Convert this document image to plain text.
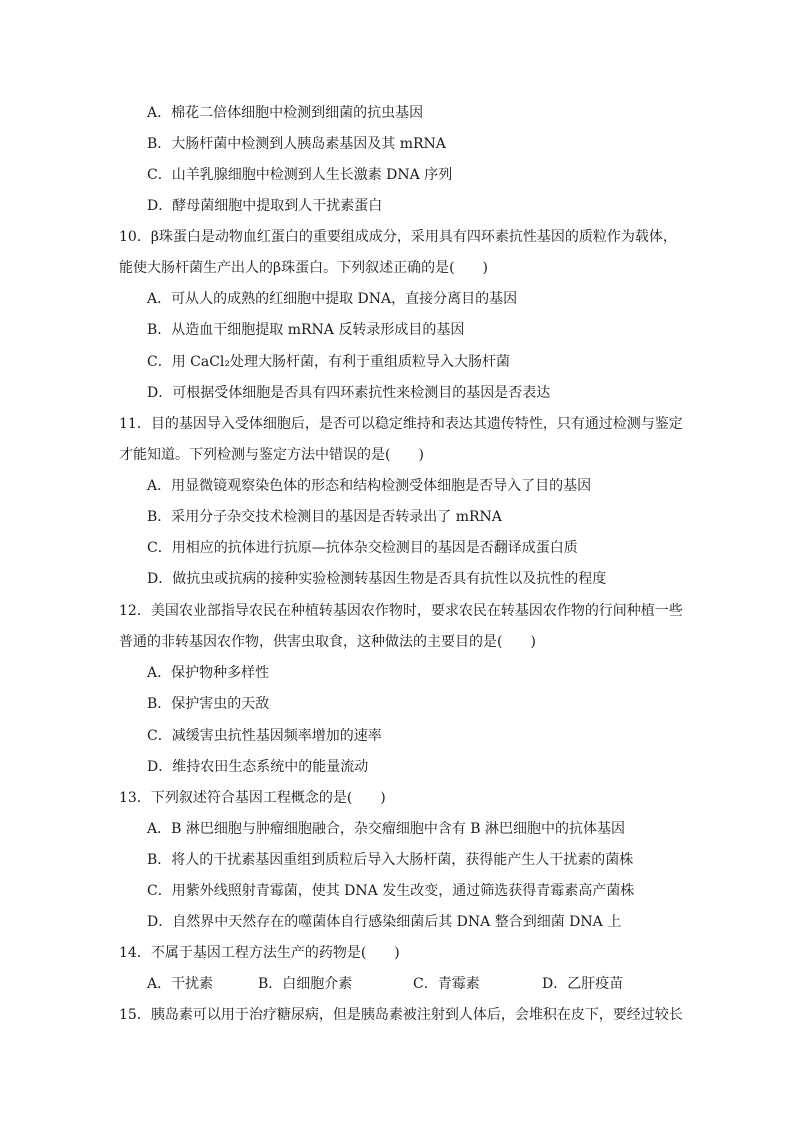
A．棉花二倍体细胞中检测到细菌的抗虫基因
B．大肠杆菌中检测到人胰岛素基因及其 mRNA
C．山羊乳腺细胞中检测到人生长激素 DNA 序列
D．酵母菌细胞中提取到人干扰素蛋白
10．β珠蛋白是动物血红蛋白的重要组成成分，采用具有四环素抗性基因的质粒作为载体，
能使大肠杆菌生产出人的β珠蛋白。下列叙述正确的是(　　)
A．可从人的成熟的红细胞中提取 DNA，直接分离目的基因
B．从造血干细胞提取 mRNA 反转录形成目的基因
C．用 CaCl₂处理大肠杆菌，有利于重组质粒导入大肠杆菌
D．可根据受体细胞是否具有四环素抗性来检测目的基因是否表达
11．目的基因导入受体细胞后，是否可以稳定维持和表达其遗传特性，只有通过检测与鉴定
才能知道。下列检测与鉴定方法中错误的是(　　)
A．用显微镜观察染色体的形态和结构检测受体细胞是否导入了目的基因
B．采用分子杂交技术检测目的基因是否转录出了 mRNA
C．用相应的抗体进行抗原—抗体杂交检测目的基因是否翻译成蛋白质
D．做抗虫或抗病的接种实验检测转基因生物是否具有抗性以及抗性的程度
12．美国农业部指导农民在种植转基因农作物时，要求农民在转基因农作物的行间种植一些
普通的非转基因农作物，供害虫取食，这种做法的主要目的是(　　)
A．保护物种多样性
B．保护害虫的天敌
C．减缓害虫抗性基因频率增加的速率
D．维持农田生态系统中的能量流动
13．下列叙述符合基因工程概念的是(　　)
A．B 淋巴细胞与肿瘤细胞融合，杂交瘤细胞中含有 B 淋巴细胞中的抗体基因
B．将人的干扰素基因重组到质粒后导入大肠杆菌，获得能产生人干扰素的菌株
C．用紫外线照射青霉菌，使其 DNA 发生改变，通过筛选获得青霉素高产菌株
D．自然界中天然存在的噬菌体自行感染细菌后其 DNA 整合到细菌 DNA 上
14．不属于基因工程方法生产的药物是(　　)
A．干扰素	B．白细胞介素	C．青霉素	D．乙肝疫苗
15．胰岛素可以用于治疗糖尿病，但是胰岛素被注射到人体后，会堆积在皮下，要经过较长
